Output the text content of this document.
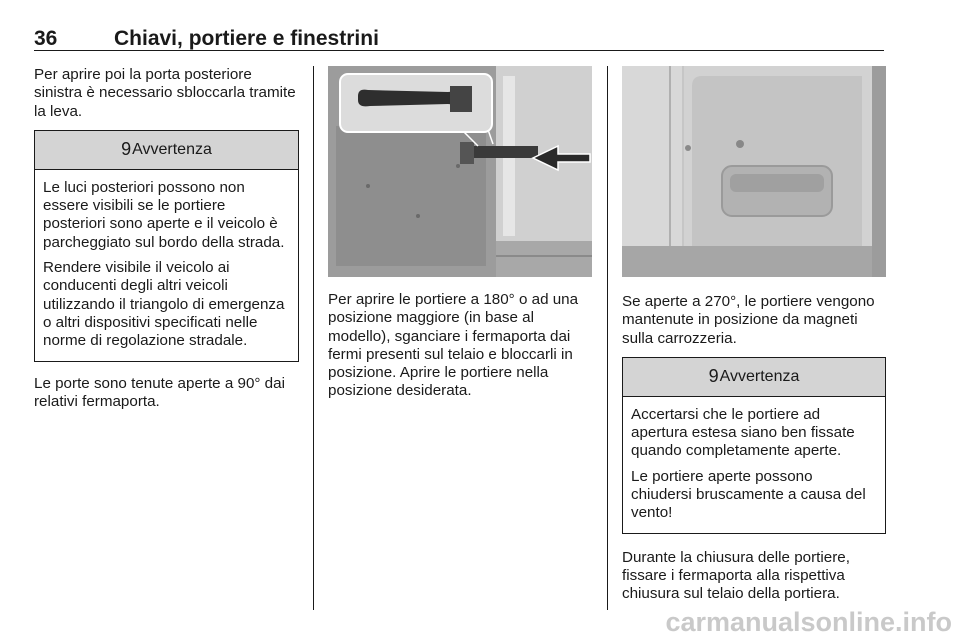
36	Chiavi, portiere e finestrini

Per aprire poi la porta posteriore sinistra è necessario sbloccarla tramite la leva.

9 Avvertenza

Le luci posteriori possono non essere visibili se le portiere posteriori sono aperte e il veicolo è parcheggiato sul bordo della strada.

Rendere visibile il veicolo ai conducenti degli altri veicoli utilizzando il triangolo di emergenza o altri dispositivi specificati nelle norme di regolazione stradale.

Le porte sono tenute aperte a 90° dai relativi fermaporta.

Per aprire le portiere a 180° o ad una posizione maggiore (in base al modello), sganciare i fermaporta dai fermi presenti sul telaio e bloccarli in posizione. Aprire le portiere nella posizione desiderata.

Se aperte a 270°, le portiere vengono mantenute in posizione da magneti sulla carrozzeria.

9 Avvertenza

Accertarsi che le portiere ad apertura estesa siano ben fissate quando completamente aperte.

Le portiere aperte possono chiudersi bruscamente a causa del vento!

Durante la chiusura delle portiere, fissare i fermaporta alla rispettiva chiusura sul telaio della portiera.

carmanualsonline.info
